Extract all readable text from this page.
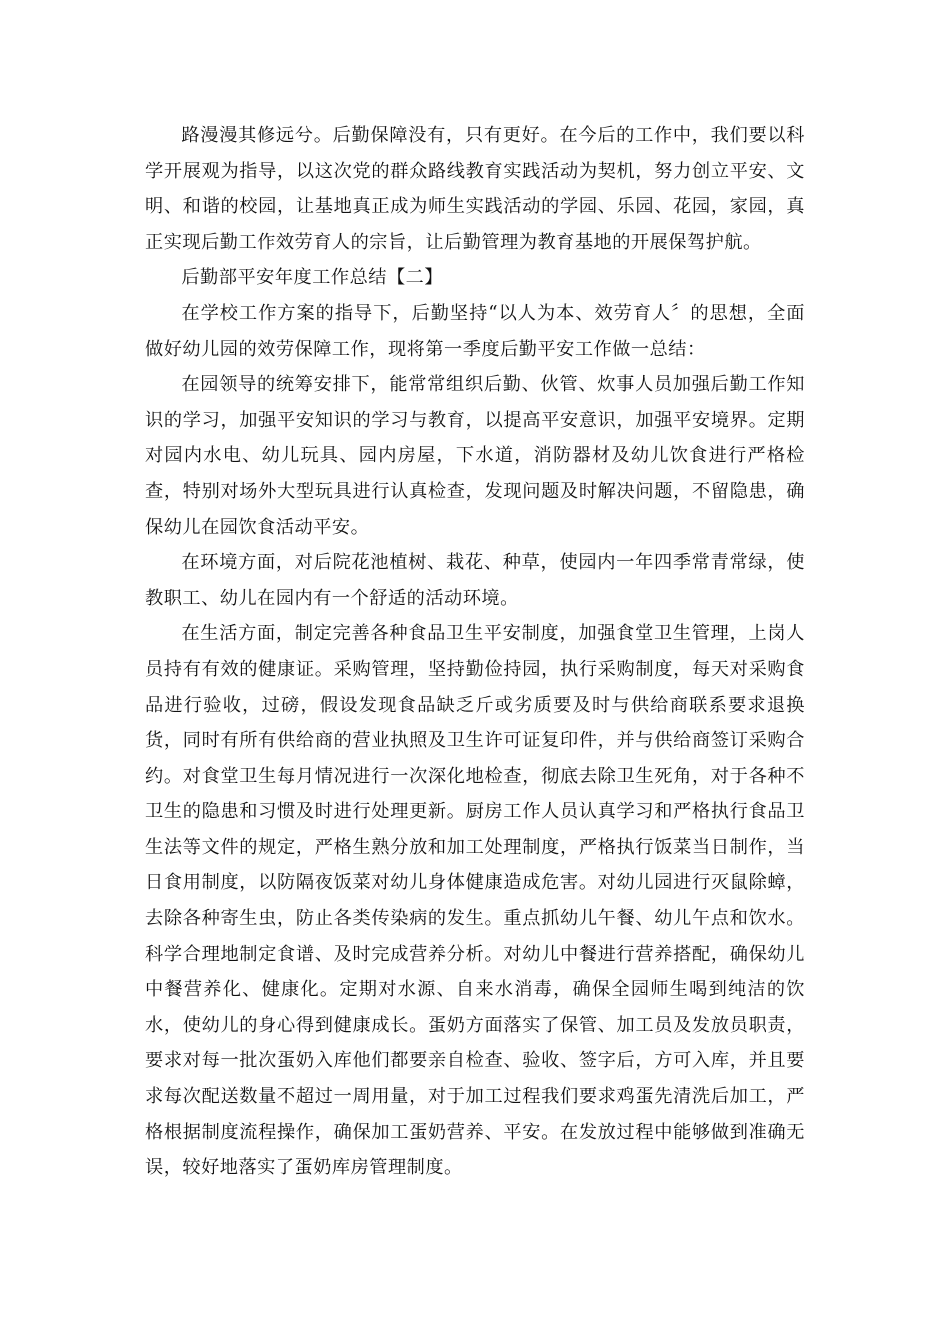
路漫漫其修远兮。后勤保障没有，只有更好。在今后的工作中，我们要以科学开展观为指导，以这次党的群众路线教育实践活动为契机，努力创立平安、文明、和谐的校园，让基地真正成为师生实践活动的学园、乐园、花园，家园，真正实现后勤工作效劳育人的宗旨，让后勤管理为教育基地的开展保驾护航。

后勤部平安年度工作总结【二】

在学校工作方案的指导下，后勤坚持“以人为本、效劳育人〞的思想，全面做好幼儿园的效劳保障工作，现将第一季度后勤平安工作做一总结：

在园领导的统筹安排下，能常常组织后勤、伙管、炊事人员加强后勤工作知识的学习，加强平安知识的学习与教育，以提高平安意识，加强平安境界。定期对园内水电、幼儿玩具、园内房屋，下水道，消防器材及幼儿饮食进行严格检查，特别对场外大型玩具进行认真检查，发现问题及时解决问题，不留隐患，确保幼儿在园饮食活动平安。

在环境方面，对后院花池植树、栽花、种草，使园内一年四季常青常绿，使教职工、幼儿在园内有一个舒适的活动环境。

在生活方面，制定完善各种食品卫生平安制度，加强食堂卫生管理，上岗人员持有有效的健康证。采购管理，坚持勤俭持园，执行采购制度，每天对采购食品进行验收，过磅，假设发现食品缺乏斤或劣质要及时与供给商联系要求退换货，同时有所有供给商的营业执照及卫生许可证复印件，并与供给商签订采购合约。对食堂卫生每月情况进行一次深化地检查，彻底去除卫生死角，对于各种不卫生的隐患和习惯及时进行处理更新。厨房工作人员认真学习和严格执行食品卫生法等文件的规定，严格生熟分放和加工处理制度，严格执行饭菜当日制作，当日食用制度，以防隔夜饭菜对幼儿身体健康造成危害。对幼儿园进行灭鼠除蟑，去除各种寄生虫，防止各类传染病的发生。重点抓幼儿午餐、幼儿午点和饮水。科学合理地制定食谱、及时完成营养分析。对幼儿中餐进行营养搭配，确保幼儿中餐营养化、健康化。定期对水源、自来水消毒，确保全园师生喝到纯洁的饮水，使幼儿的身心得到健康成长。蛋奶方面落实了保管、加工员及发放员职责，要求对每一批次蛋奶入库他们都要亲自检查、验收、签字后，方可入库，并且要求每次配送数量不超过一周用量，对于加工过程我们要求鸡蛋先清洗后加工，严格根据制度流程操作，确保加工蛋奶营养、平安。在发放过程中能够做到准确无误，较好地落实了蛋奶库房管理制度。
